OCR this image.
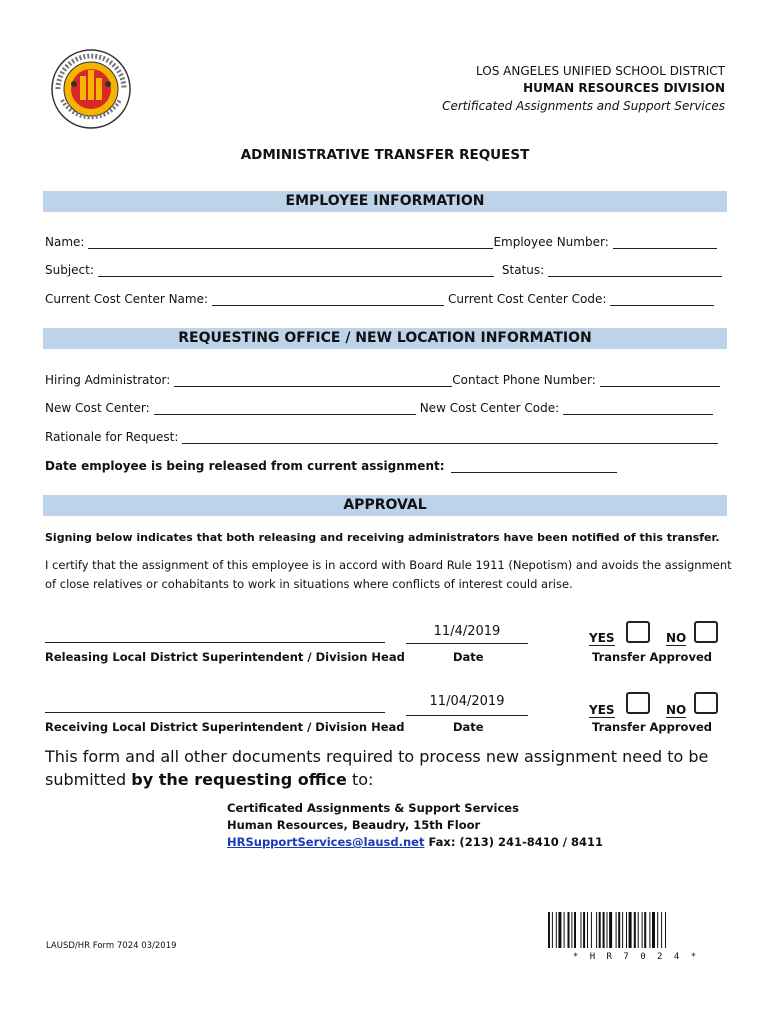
LOS ANGELES UNIFIED SCHOOL DISTRICT
HUMAN RESOURCES DIVISION
Certificated Assignments and Support Services
ADMINISTRATIVE TRANSFER REQUEST
EMPLOYEE INFORMATION
Name:	Employee Number:
Subject:	Status:
Current Cost Center Name:	Current Cost Center Code:
REQUESTING OFFICE / NEW LOCATION INFORMATION
Hiring Administrator:	Contact Phone Number:
New Cost Center:	New Cost Center Code:
Rationale for Request:
Date employee is being released from current assignment:
APPROVAL
Signing below indicates that both releasing and receiving administrators have been notified of this transfer.
I certify that the assignment of this employee is in accord with Board Rule 1911 (Nepotism) and avoids the assignment of close relatives or cohabitants to work in situations where conflicts of interest could arise.
Releasing Local District Superintendent / Division Head
11/4/2019
Date
YES	NO
Transfer Approved
Receiving Local District Superintendent / Division Head
11/04/2019
Date
YES	NO
Transfer Approved
This form and all other documents required to process new assignment need to be submitted by the requesting office to:
Certificated Assignments & Support Services
Human Resources, Beaudry, 15th Floor
HRSupportServices@lausd.net Fax: (213) 241-8410 / 8411
LAUSD/HR Form 7024 03/2019
* H R 7 0 2 4 *
